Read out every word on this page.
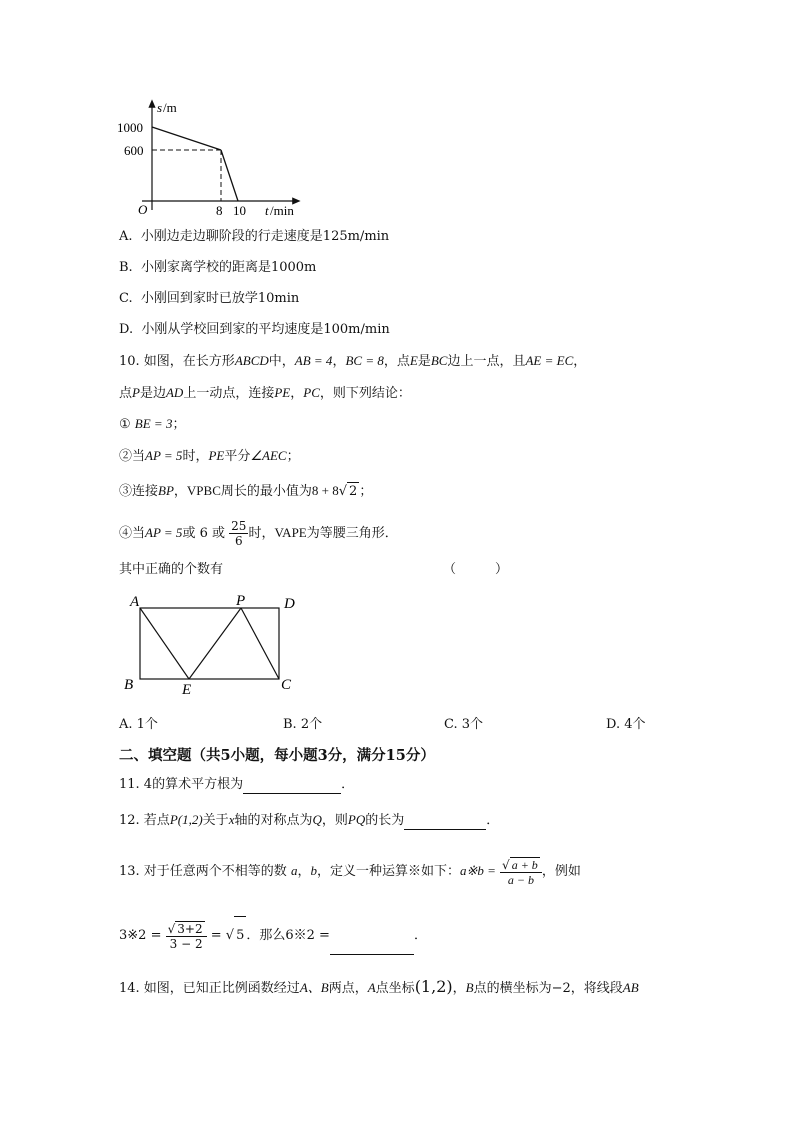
s /m
1000
600
O	8 10 t /min
A. 小刚边走边聊阶段的行走速度是125m/min
B. 小刚家离学校的距离是1000m
C. 小刚回到家时已放学10min
D. 小刚从学校回到家的平均速度是100m/min
10. 如图，在长方形ABCD中，AB = 4，BC = 8，点E是BC边上一点，且AE = EC，
点P是边AD上一动点，连接PE，PC，则下列结论：
① BE = 3；
②当AP = 5时，PE平分∠AEC；
③连接BP，VPBC周长的最小值为8 + 8√ 2 ；
④当AP = 5或 6 或 $\frac{25}{6}$ 时，VAPE为等腰三角形．
其中正确的个数有	（　　　）
A	P	D
B	E	C
A. 1个	B. 2个	C. 3个	D. 4个
二、填空题（共5小题，每小题3分，满分15分）
11. 4的算术平方根为	．
12. 若点P(1,2)关于x轴的对称点为Q，则PQ的长为	．
13. 对于任意两个不相等的数 a，b，定义一种运算※如下：a※b = $\frac{√ a + b}{a - b}$ ，例如
3※2 = $\frac{√ 3+2}{3 - 2}$ = √ 5 ．那么6※2 =	．
14. 如图，已知正比例函数经过A、B两点，A点坐标(1,2)，B点的横坐标为−2，将线段AB
